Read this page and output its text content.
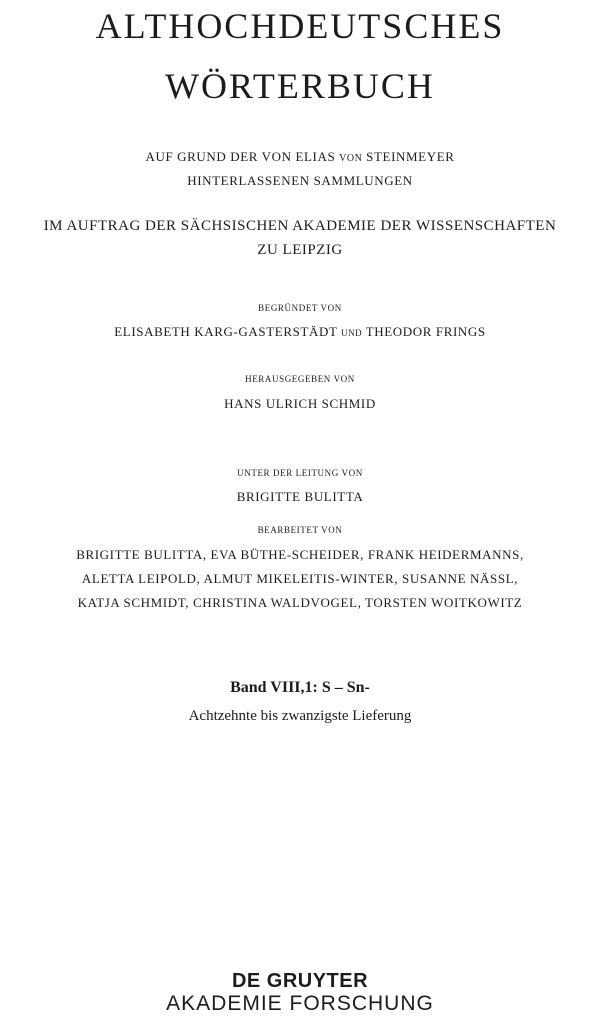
ALTHOCHDEUTSCHES
WÖRTERBUCH
AUF GRUND DER VON ELIAS VON STEINMEYER
HINTERLASSENEN SAMMLUNGEN
IM AUFTRAG DER SÄCHSISCHEN AKADEMIE DER WISSENSCHAFTEN
ZU LEIPZIG
BEGRÜNDET VON
ELISABETH KARG-GASTERSTÄDT UND THEODOR FRINGS
HERAUSGEGEBEN VON
HANS ULRICH SCHMID
UNTER DER LEITUNG VON
BRIGITTE BULITTA
BEARBEITET VON
BRIGITTE BULITTA, EVA BÜTHE-SCHEIDER, FRANK HEIDERMANNS,
ALETTA LEIPOLD, ALMUT MIKELEITIS-WINTER, SUSANNE NÄSSL,
KATJA SCHMIDT, CHRISTINA WALDVOGEL, TORSTEN WOITKOWITZ
Band VIII,1: S – Sn-
Achtzehnte bis zwanzigste Lieferung
DE GRUYTER
AKADEMIE FORSCHUNG
